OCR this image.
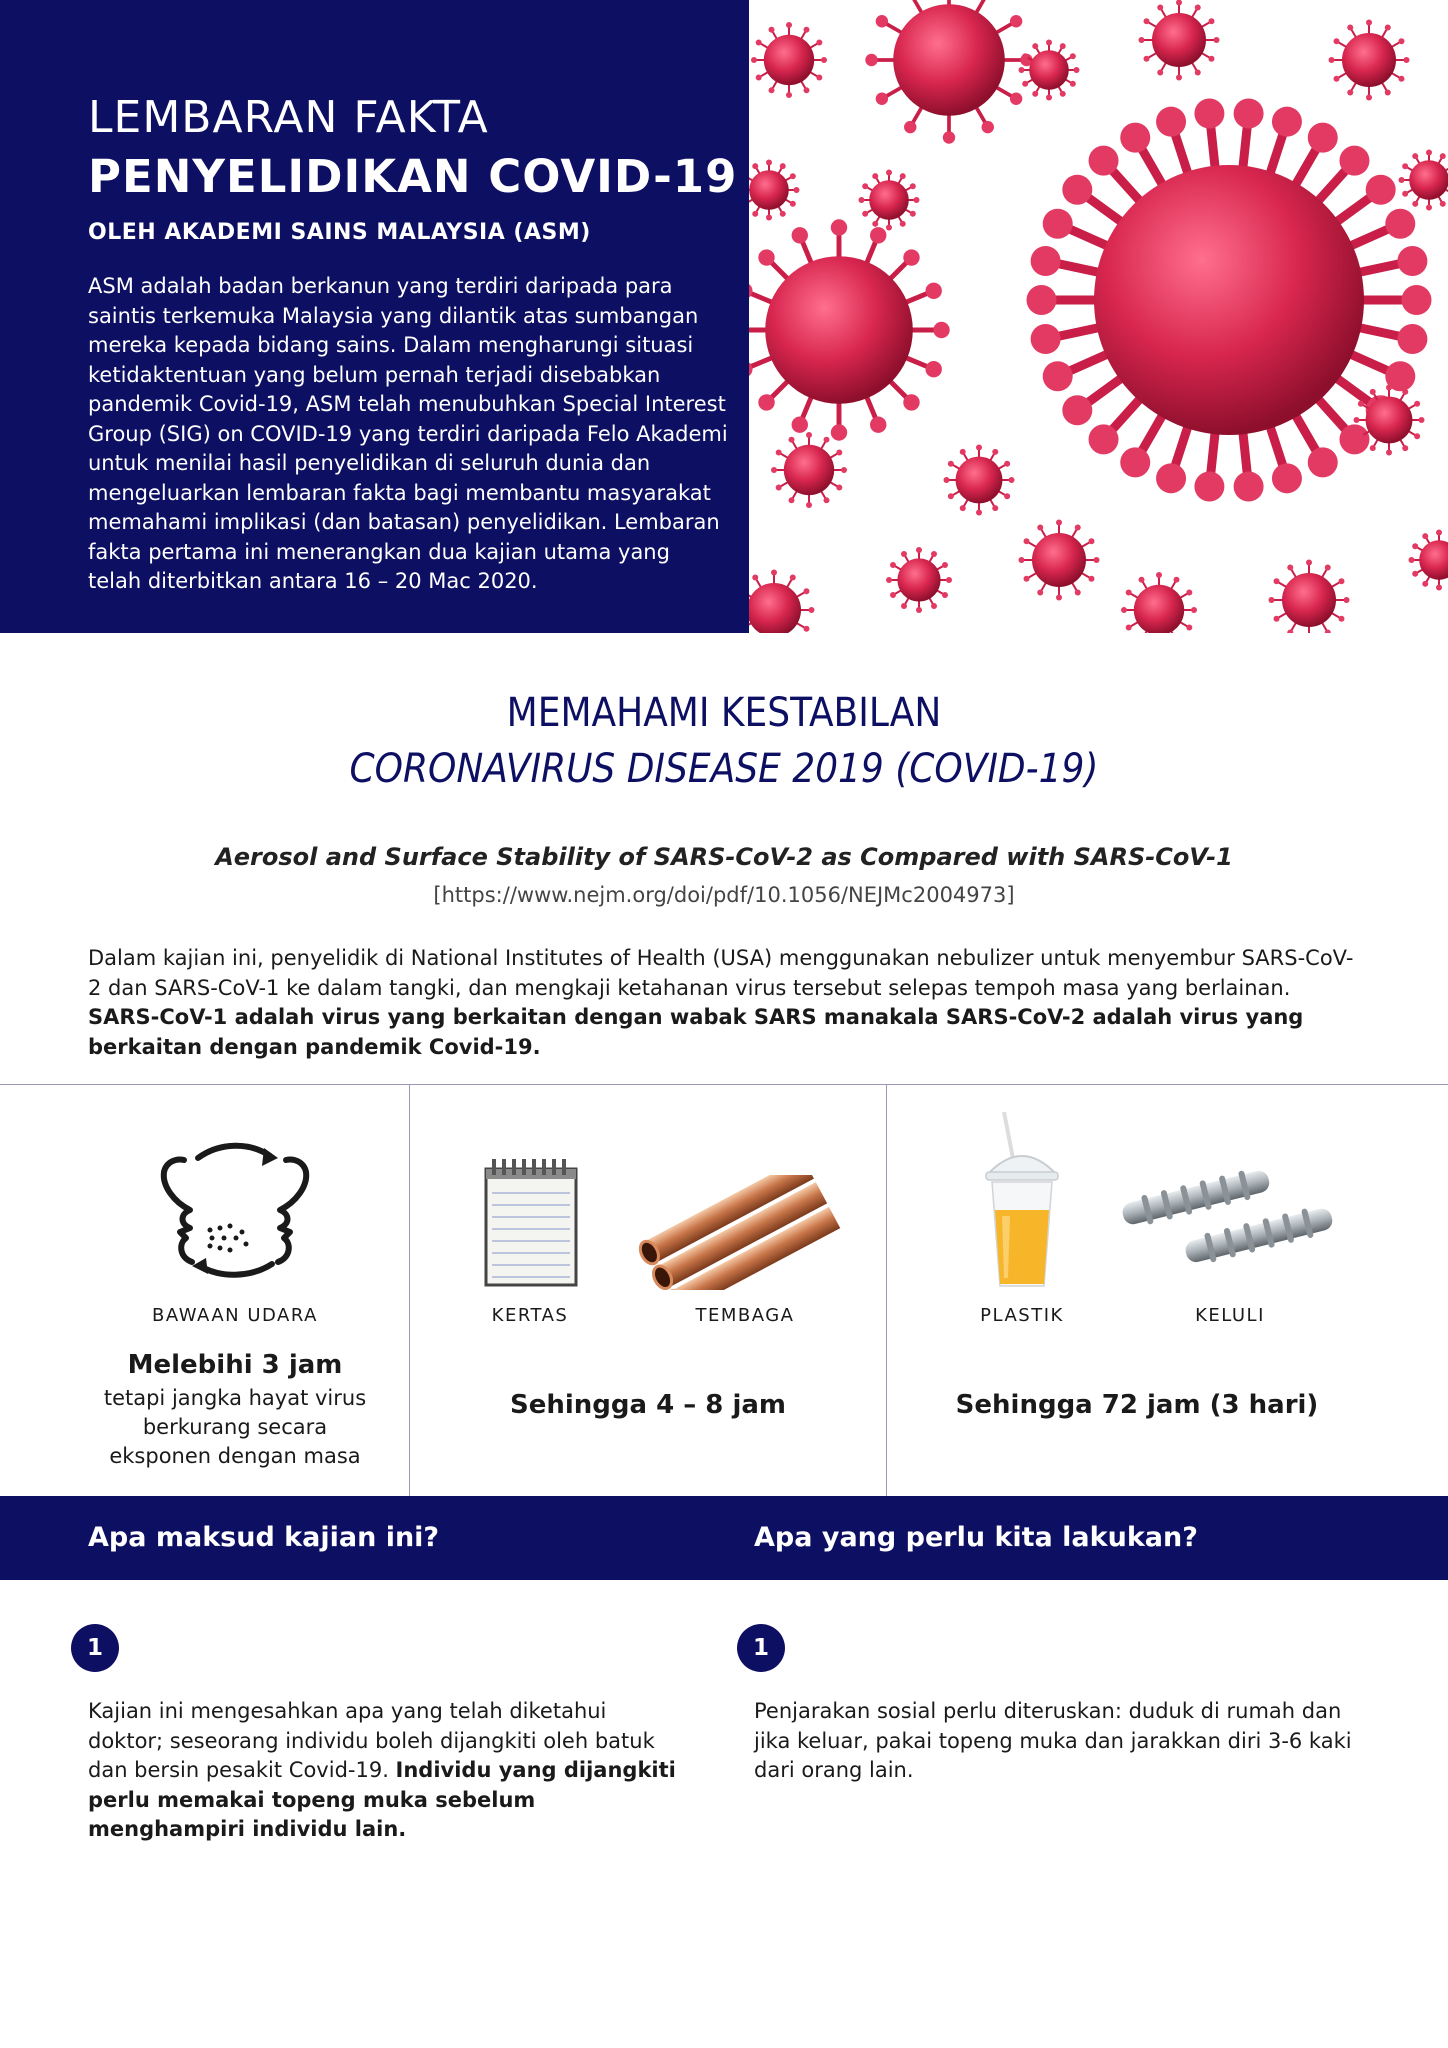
LEMBARAN FAKTA
PENYELIDIKAN COVID-19
OLEH AKADEMI SAINS MALAYSIA (ASM)
ASM adalah badan berkanun yang terdiri daripada para saintis terkemuka Malaysia yang dilantik atas sumbangan mereka kepada bidang sains. Dalam mengharungi situasi ketidaktentuan yang belum pernah terjadi disebabkan pandemik Covid-19, ASM telah menubuhkan Special Interest Group (SIG) on COVID-19 yang terdiri daripada Felo Akademi untuk menilai hasil penyelidikan di seluruh dunia dan mengeluarkan lembaran fakta bagi membantu masyarakat memahami implikasi (dan batasan) penyelidikan. Lembaran fakta pertama ini menerangkan dua kajian utama yang telah diterbitkan antara 16 – 20 Mac 2020.
MEMAHAMI KESTABILAN
CORONAVIRUS DISEASE 2019 (COVID-19)
Aerosol and Surface Stability of SARS-CoV-2 as Compared with SARS-CoV-1
[https://www.nejm.org/doi/pdf/10.1056/NEJMc2004973]
Dalam kajian ini, penyelidik di National Institutes of Health (USA) menggunakan nebulizer untuk menyembur SARS-CoV-2 dan SARS-CoV-1 ke dalam tangki, dan mengkaji ketahanan virus tersebut selepas tempoh masa yang berlainan. SARS-CoV-1 adalah virus yang berkaitan dengan wabak SARS manakala SARS-CoV-2 adalah virus yang berkaitan dengan pandemik Covid-19.
BAWAAN UDARA
Melebihi 3 jam
tetapi jangka hayat virus berkurang secara eksponen dengan masa
KERTAS	TEMBAGA
Sehingga 4 – 8 jam
PLASTIK	KELULI
Sehingga 72 jam (3 hari)
Apa maksud kajian ini?	Apa yang perlu kita lakukan?
1	1
Kajian ini mengesahkan apa yang telah diketahui doktor; seseorang individu boleh dijangkiti oleh batuk dan bersin pesakit Covid-19. Individu yang dijangkiti perlu memakai topeng muka sebelum menghampiri individu lain.
Penjarakan sosial perlu diteruskan: duduk di rumah dan jika keluar, pakai topeng muka dan jarakkan diri 3-6 kaki dari orang lain.
